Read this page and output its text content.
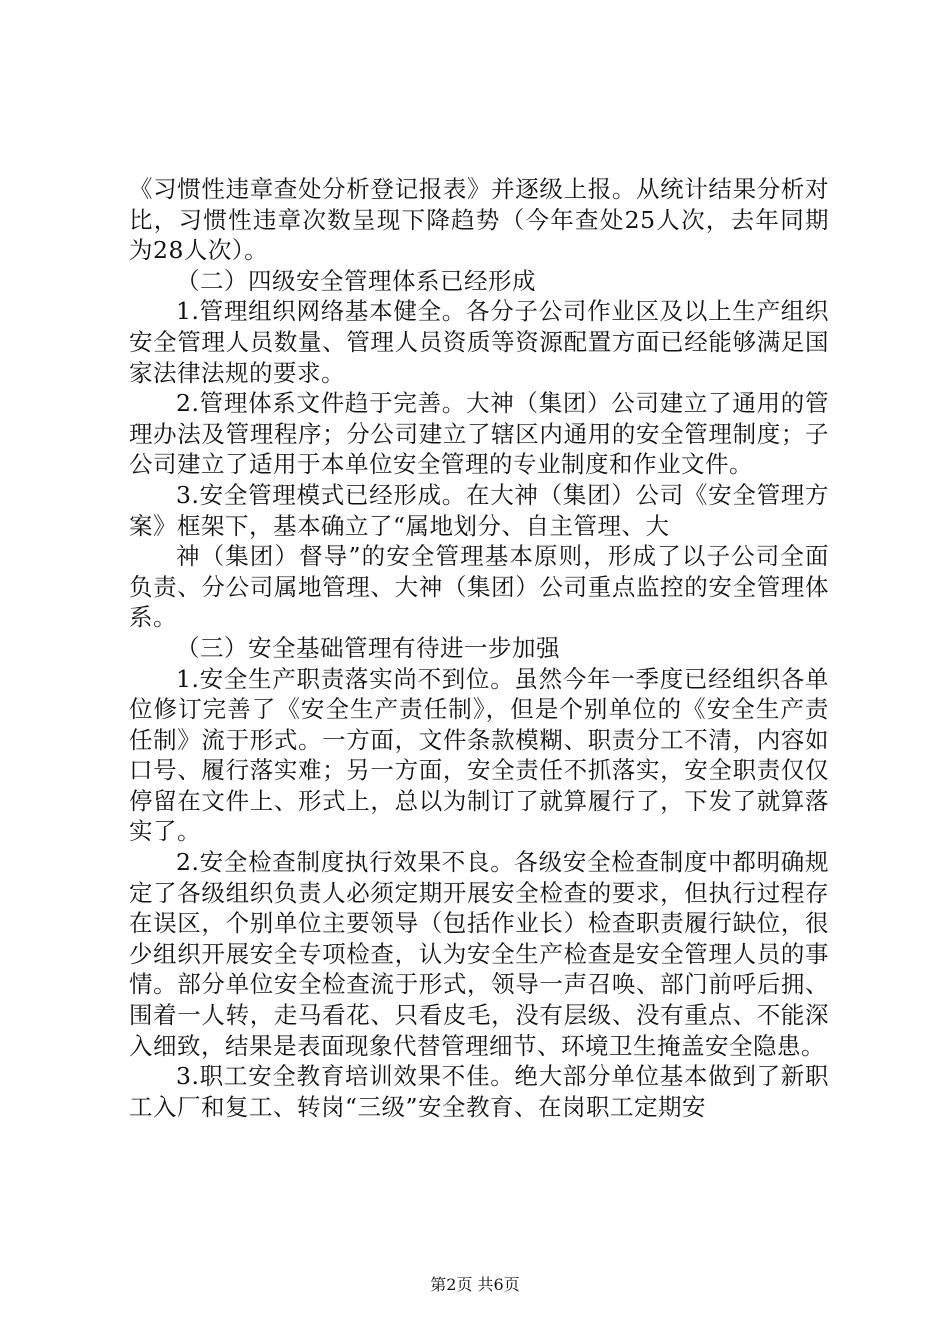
《习惯性违章查处分析登记报表》并逐级上报。从统计结果分析对比，习惯性违章次数呈现下降趋势（今年查处25人次，去年同期为28人次）。

（二）四级安全管理体系已经形成

1.管理组织网络基本健全。各分子公司作业区及以上生产组织安全管理人员数量、管理人员资质等资源配置方面已经能够满足国家法律法规的要求。

2.管理体系文件趋于完善。大神（集团）公司建立了通用的管理办法及管理程序；分公司建立了辖区内通用的安全管理制度；子公司建立了适用于本单位安全管理的专业制度和作业文件。

3.安全管理模式已经形成。在大神（集团）公司《安全管理方案》框架下，基本确立了“属地划分、自主管理、大

神（集团）督导”的安全管理基本原则，形成了以子公司全面负责、分公司属地管理、大神（集团）公司重点监控的安全管理体系。

（三）安全基础管理有待进一步加强

1.安全生产职责落实尚不到位。虽然今年一季度已经组织各单位修订完善了《安全生产责任制》，但是个别单位的《安全生产责任制》流于形式。一方面，文件条款模糊、职责分工不清，内容如口号、履行落实难；另一方面，安全责任不抓落实，安全职责仅仅停留在文件上、形式上，总以为制订了就算履行了，下发了就算落实了。

2.安全检查制度执行效果不良。各级安全检查制度中都明确规定了各级组织负责人必须定期开展安全检查的要求，但执行过程存在误区，个别单位主要领导（包括作业长）检查职责履行缺位，很少组织开展安全专项检查，认为安全生产检查是安全管理人员的事情。部分单位安全检查流于形式，领导一声召唤、部门前呼后拥、围着一人转，走马看花、只看皮毛，没有层级、没有重点、不能深入细致，结果是表面现象代替管理细节、环境卫生掩盖安全隐患。

3.职工安全教育培训效果不佳。绝大部分单位基本做到了新职工入厂和复工、转岗“三级”安全教育、在岗职工定期安

第2页 共6页
